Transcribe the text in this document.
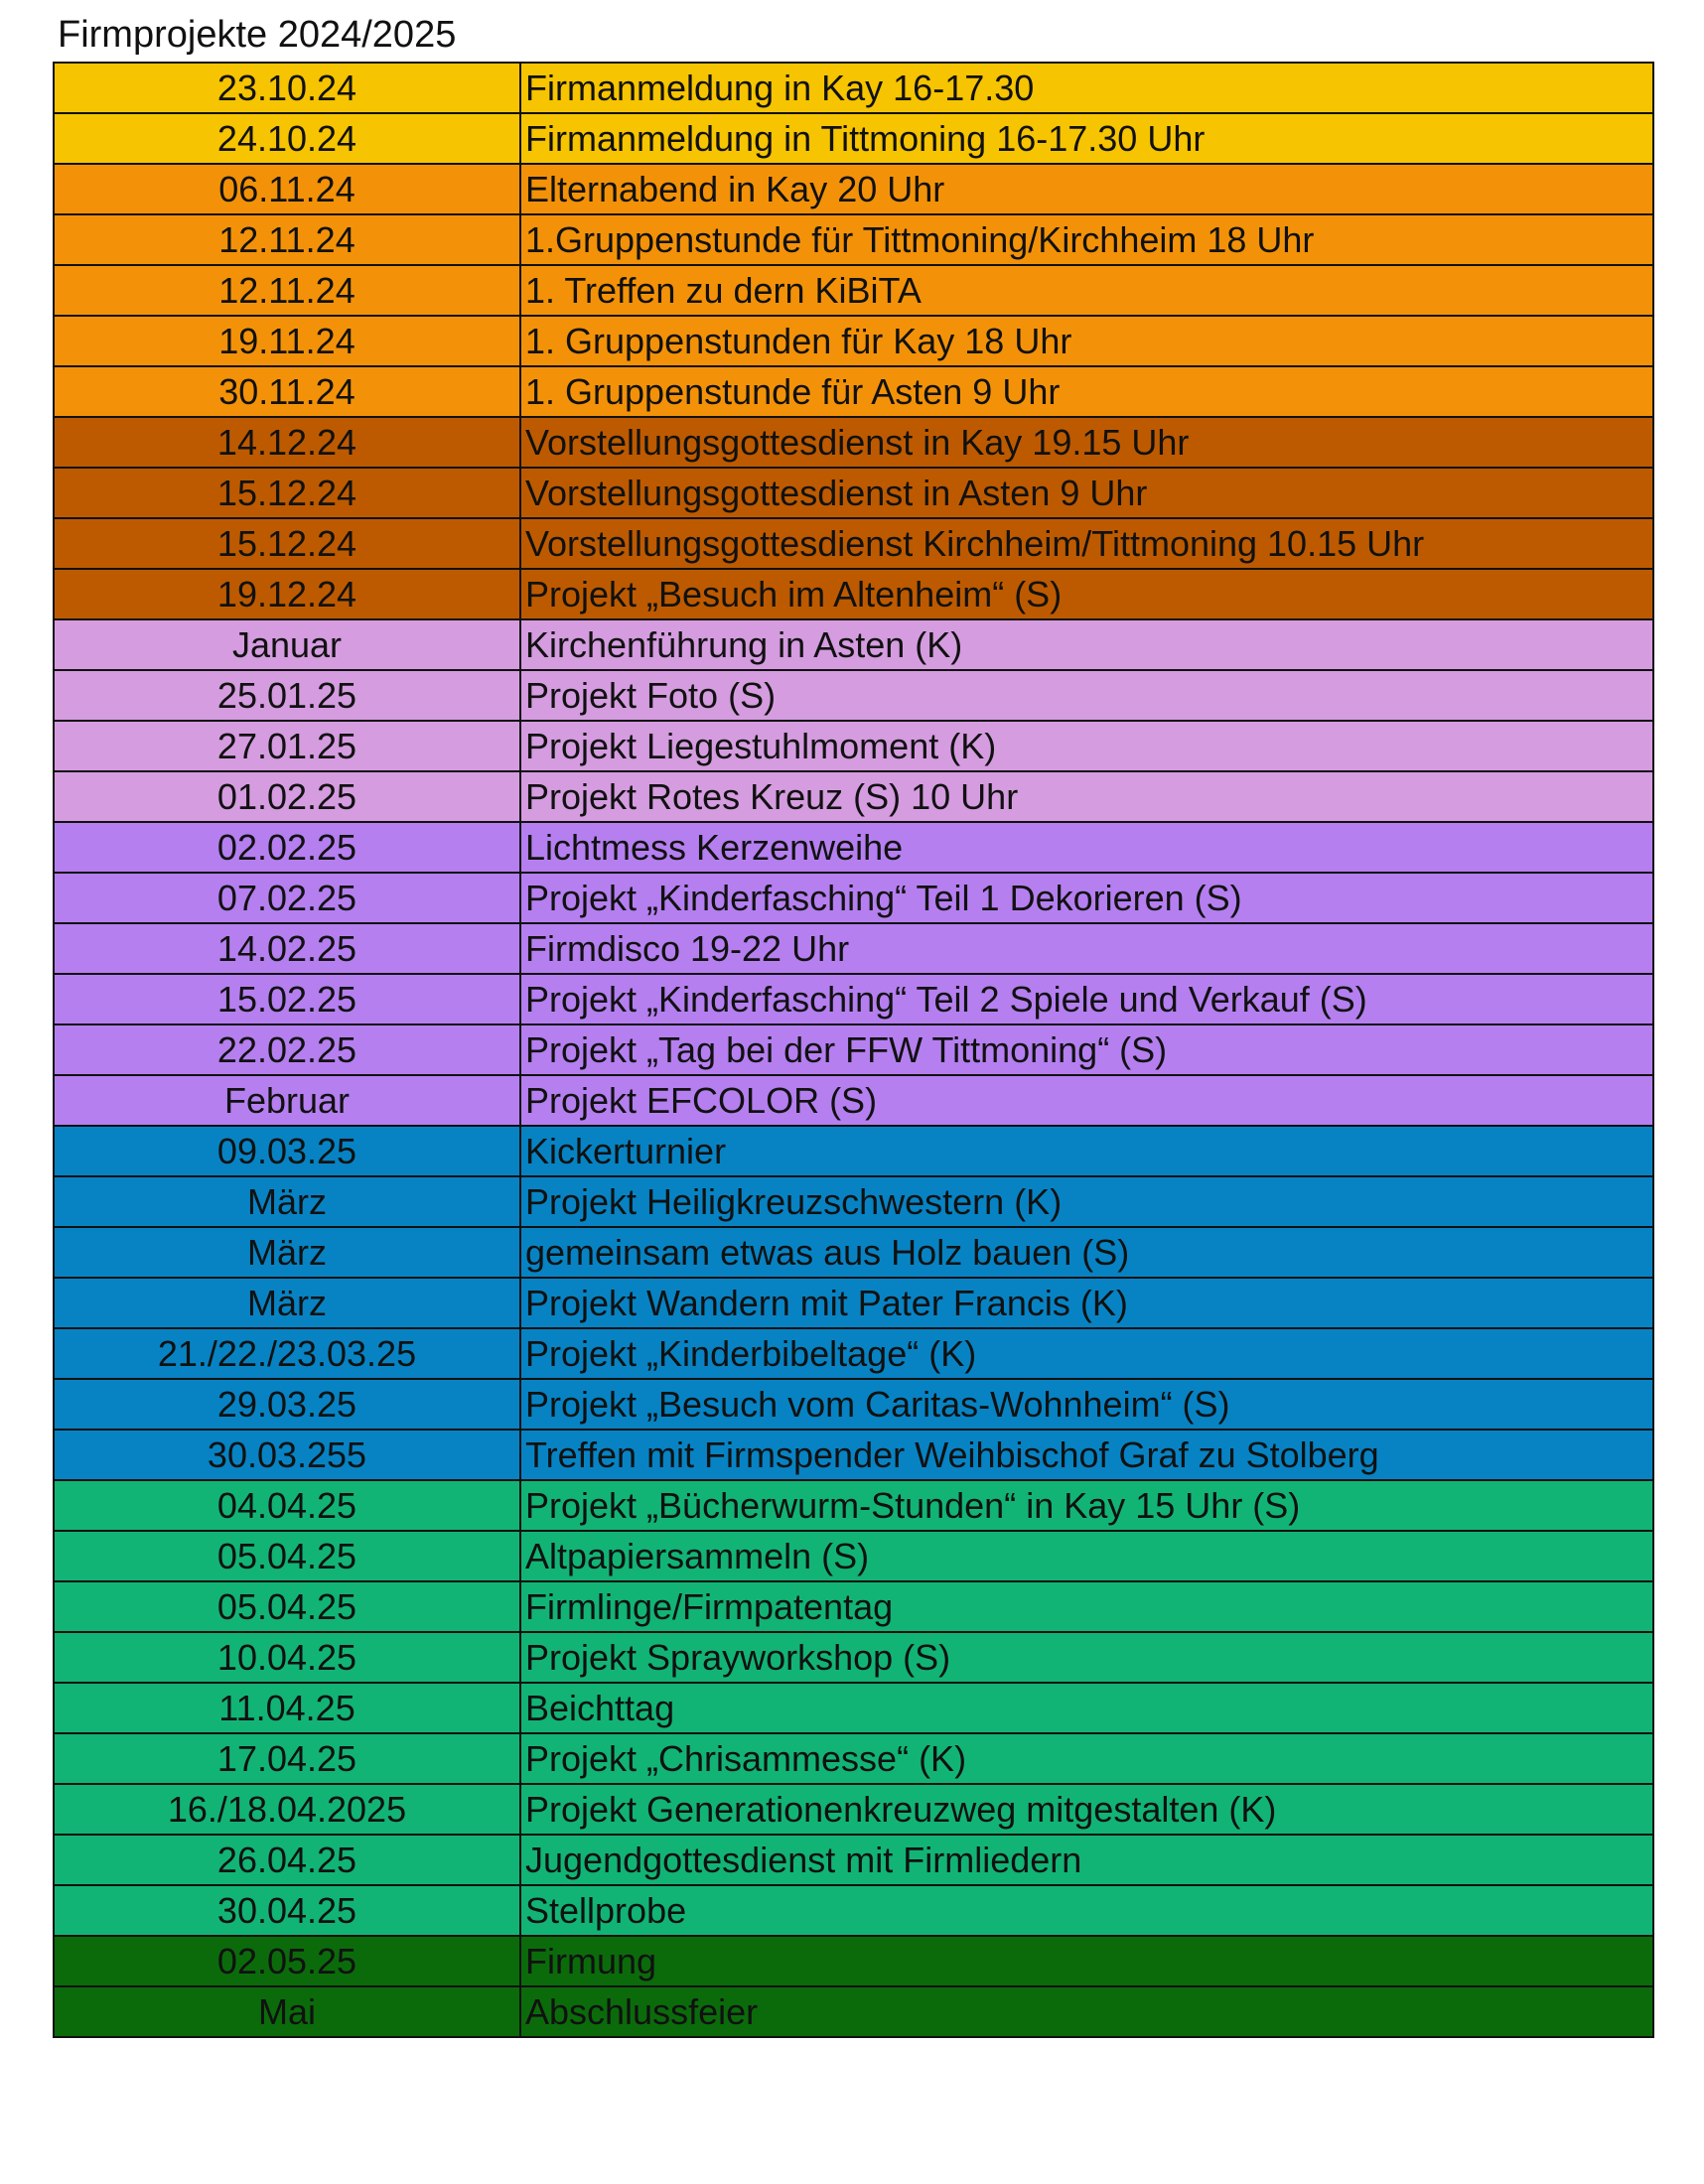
Firmprojekte 2024/2025
23.10.24	Firmanmeldung in Kay 16-17.30
24.10.24	Firmanmeldung in Tittmoning 16-17.30 Uhr
06.11.24	Elternabend in Kay 20 Uhr
12.11.24	1.Gruppenstunde für Tittmoning/Kirchheim 18 Uhr
12.11.24	1. Treffen zu dern KiBiTA
19.11.24	1. Gruppenstunden für Kay 18 Uhr
30.11.24	1. Gruppenstunde für Asten 9 Uhr
14.12.24	Vorstellungsgottesdienst in Kay 19.15 Uhr
15.12.24	Vorstellungsgottesdienst in Asten 9 Uhr
15.12.24	Vorstellungsgottesdienst Kirchheim/Tittmoning 10.15 Uhr
19.12.24	Projekt „Besuch im Altenheim“ (S)
Januar	Kirchenführung in Asten (K)
25.01.25	Projekt Foto (S)
27.01.25	Projekt Liegestuhlmoment (K)
01.02.25	Projekt Rotes Kreuz (S) 10 Uhr
02.02.25	Lichtmess Kerzenweihe
07.02.25	Projekt „Kinderfasching“ Teil 1 Dekorieren (S)
14.02.25	Firmdisco 19-22 Uhr
15.02.25	Projekt „Kinderfasching“ Teil 2 Spiele und Verkauf (S)
22.02.25	Projekt „Tag bei der FFW Tittmoning“ (S)
Februar	Projekt EFCOLOR (S)
09.03.25	Kickerturnier
März	Projekt Heiligkreuzschwestern (K)
März	gemeinsam etwas aus Holz bauen (S)
März	Projekt Wandern mit Pater Francis (K)
21./22./23.03.25	Projekt „Kinderbibeltage“ (K)
29.03.25	Projekt „Besuch vom Caritas-Wohnheim“ (S)
30.03.255	Treffen mit Firmspender Weihbischof Graf zu Stolberg
04.04.25	Projekt „Bücherwurm-Stunden“ in Kay 15 Uhr (S)
05.04.25	Altpapiersammeln (S)
05.04.25	Firmlinge/Firmpatentag
10.04.25	Projekt Sprayworkshop (S)
11.04.25	Beichttag
17.04.25	Projekt „Chrisammesse“ (K)
16./18.04.2025	Projekt Generationenkreuzweg mitgestalten (K)
26.04.25	Jugendgottesdienst mit Firmliedern
30.04.25	Stellprobe
02.05.25	Firmung
Mai	Abschlussfeier
